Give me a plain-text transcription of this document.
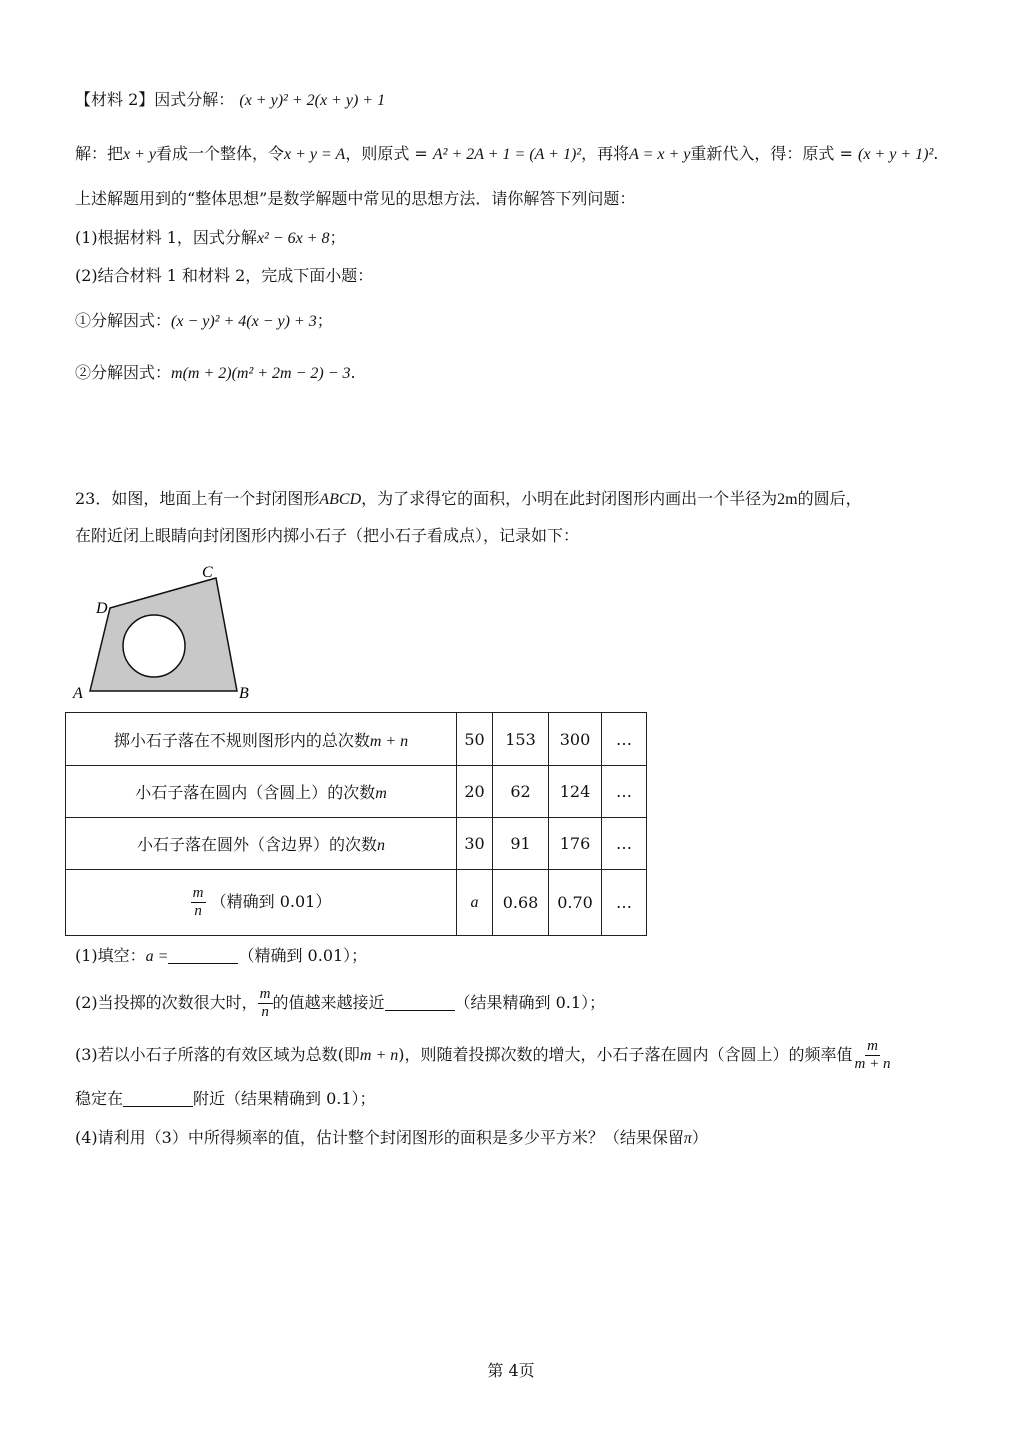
【材料 2】因式分解： (x + y)² + 2(x + y) + 1
解：把x + y看成一个整体，令x + y = A，则原式 = A² + 2A + 1 = (A + 1)²，再将A = x + y重新代入，得：原式 = (x + y + 1)².
上述解题用到的“整体思想”是数学解题中常见的思想方法．请你解答下列问题：
(1)根据材料 1，因式分解x² − 6x + 8；
(2)结合材料 1 和材料 2，完成下面小题：
①分解因式：(x − y)² + 4(x − y) + 3；
②分解因式：m(m + 2)(m² + 2m − 2) − 3.
23．如图，地面上有一个封闭图形ABCD，为了求得它的面积，小明在此封闭图形内画出一个半径为2m的圆后，
在附近闭上眼睛向封闭图形内掷小石子（把小石子看成点），记录如下：
A	B
C
D
掷小石子落在不规则图形内的总次数m + n	50	153	300	…
小石子落在圆内（含圆上）的次数m	20	62	124	…
小石子落在圆外（含边界）的次数n	30	91	176	…

$\frac{m}{n}$ （精确到 0.01）	a	0.68	0.70	…
(1)填空：a =	（精确到 0.01）；
(2)当投掷的次数很大时， $\frac{m}{n}$ 的值越来越接近	（结果精确到 0.1）；
(3)若以小石子所落的有效区域为总数(即m + n)，则随着投掷次数的增大，小石子落在圆内（含圆上）的频率值 $\frac{m}{m + n}$
稳定在	附近（结果精确到 0.1）；
(4)请利用（3）中所得频率的值，估计整个封闭图形的面积是多少平方米？（结果保留π）
第 4页
